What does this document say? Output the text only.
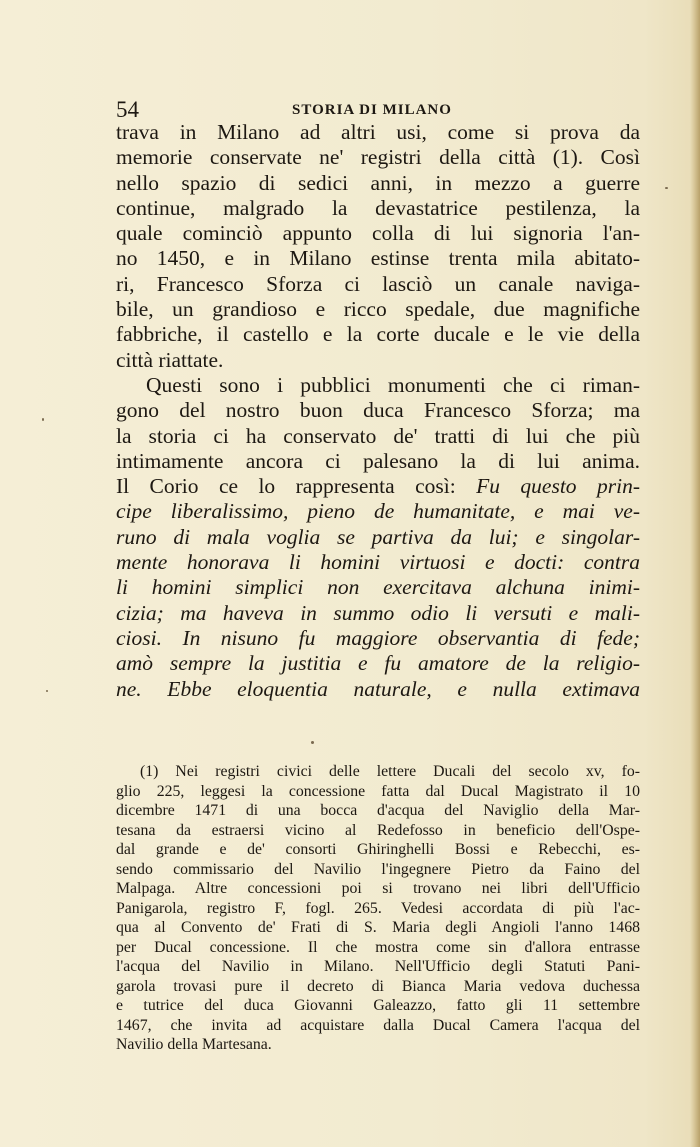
54	STORIA DI MILANO
trava in Milano ad altri usi, come si prova da
memorie conservate ne' registri della città (1). Così
nello spazio di sedici anni, in mezzo a guerre
continue, malgrado la devastatrice pestilenza, la
quale cominciò appunto colla di lui signoria l'an-
no 1450, e in Milano estinse trenta mila abitato-
ri, Francesco Sforza ci lasciò un canale naviga-
bile, un grandioso e ricco spedale, due magnifiche
fabbriche, il castello e la corte ducale e le vie della
città riattate.
Questi sono i pubblici monumenti che ci riman-
gono del nostro buon duca Francesco Sforza; ma
la storia ci ha conservato de' tratti di lui che più
intimamente ancora ci palesano la di lui anima.
Il Corio ce lo rappresenta così: Fu questo prin-
cipe liberalissimo, pieno de humanitate, e mai ve-
runo di mala voglia se partiva da lui; e singolar-
mente honorava li homini virtuosi e docti: contra
li homini simplici non exercitava alchuna inimi-
cizia; ma haveva in summo odio li versuti e mali-
ciosi. In nisuno fu maggiore observantia di fede;
amò sempre la justitia e fu amatore de la religio-
ne. Ebbe eloquentia naturale, e nulla extimava
(1) Nei registri civici delle lettere Ducali del secolo xv, fo-
glio 225, leggesi la concessione fatta dal Ducal Magistrato il 10
dicembre 1471 di una bocca d'acqua del Naviglio della Mar-
tesana da estraersi vicino al Redefosso in beneficio dell'Ospe-
dal grande e de' consorti Ghiringhelli Bossi e Rebecchi, es-
sendo commissario del Navilio l'ingegnere Pietro da Faino del
Malpaga. Altre concessioni poi si trovano nei libri dell'Ufficio
Panigarola, registro F, fogl. 265. Vedesi accordata di più l'ac-
qua al Convento de' Frati di S. Maria degli Angioli l'anno 1468
per Ducal concessione. Il che mostra come sin d'allora entrasse
l'acqua del Navilio in Milano. Nell'Ufficio degli Statuti Pani-
garola trovasi pure il decreto di Bianca Maria vedova duchessa
e tutrice del duca Giovanni Galeazzo, fatto gli 11 settembre
1467, che invita ad acquistare dalla Ducal Camera l'acqua del
Navilio della Martesana.
